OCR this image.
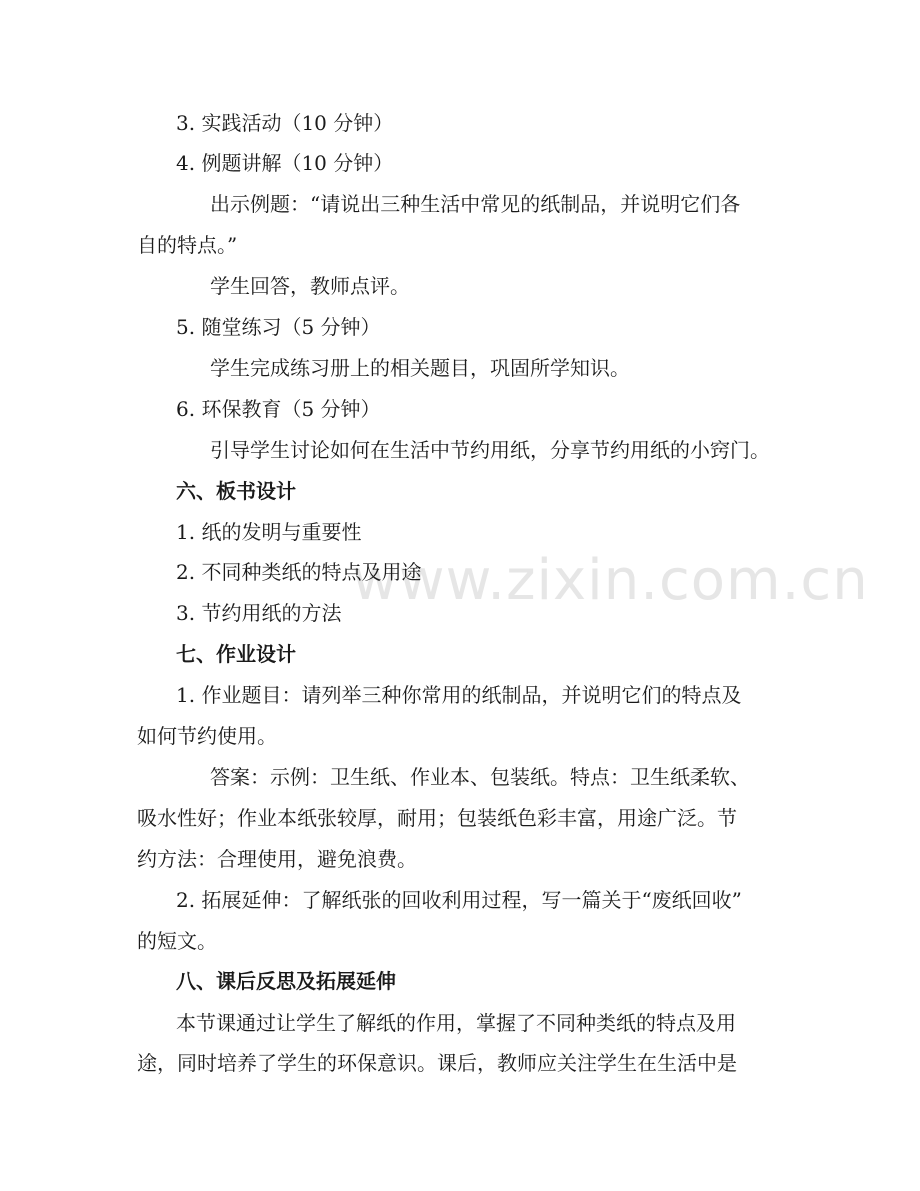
www.zixin.com.cn
3. 实践活动（10 分钟）
4. 例题讲解（10 分钟）
出示例题：“请说出三种生活中常见的纸制品，并说明它们各
自的特点。”
学生回答，教师点评。
5. 随堂练习（5 分钟）
学生完成练习册上的相关题目，巩固所学知识。
6. 环保教育（5 分钟）
引导学生讨论如何在生活中节约用纸，分享节约用纸的小窍门。
六、板书设计
1. 纸的发明与重要性
2. 不同种类纸的特点及用途
3. 节约用纸的方法
七、作业设计
1. 作业题目：请列举三种你常用的纸制品，并说明它们的特点及
如何节约使用。
答案：示例：卫生纸、作业本、包装纸。特点：卫生纸柔软、
吸水性好；作业本纸张较厚，耐用；包装纸色彩丰富，用途广泛。节
约方法：合理使用，避免浪费。
2. 拓展延伸：了解纸张的回收利用过程，写一篇关于“废纸回收”
的短文。
八、课后反思及拓展延伸
本节课通过让学生了解纸的作用，掌握了不同种类纸的特点及用
途，同时培养了学生的环保意识。课后，教师应关注学生在生活中是
